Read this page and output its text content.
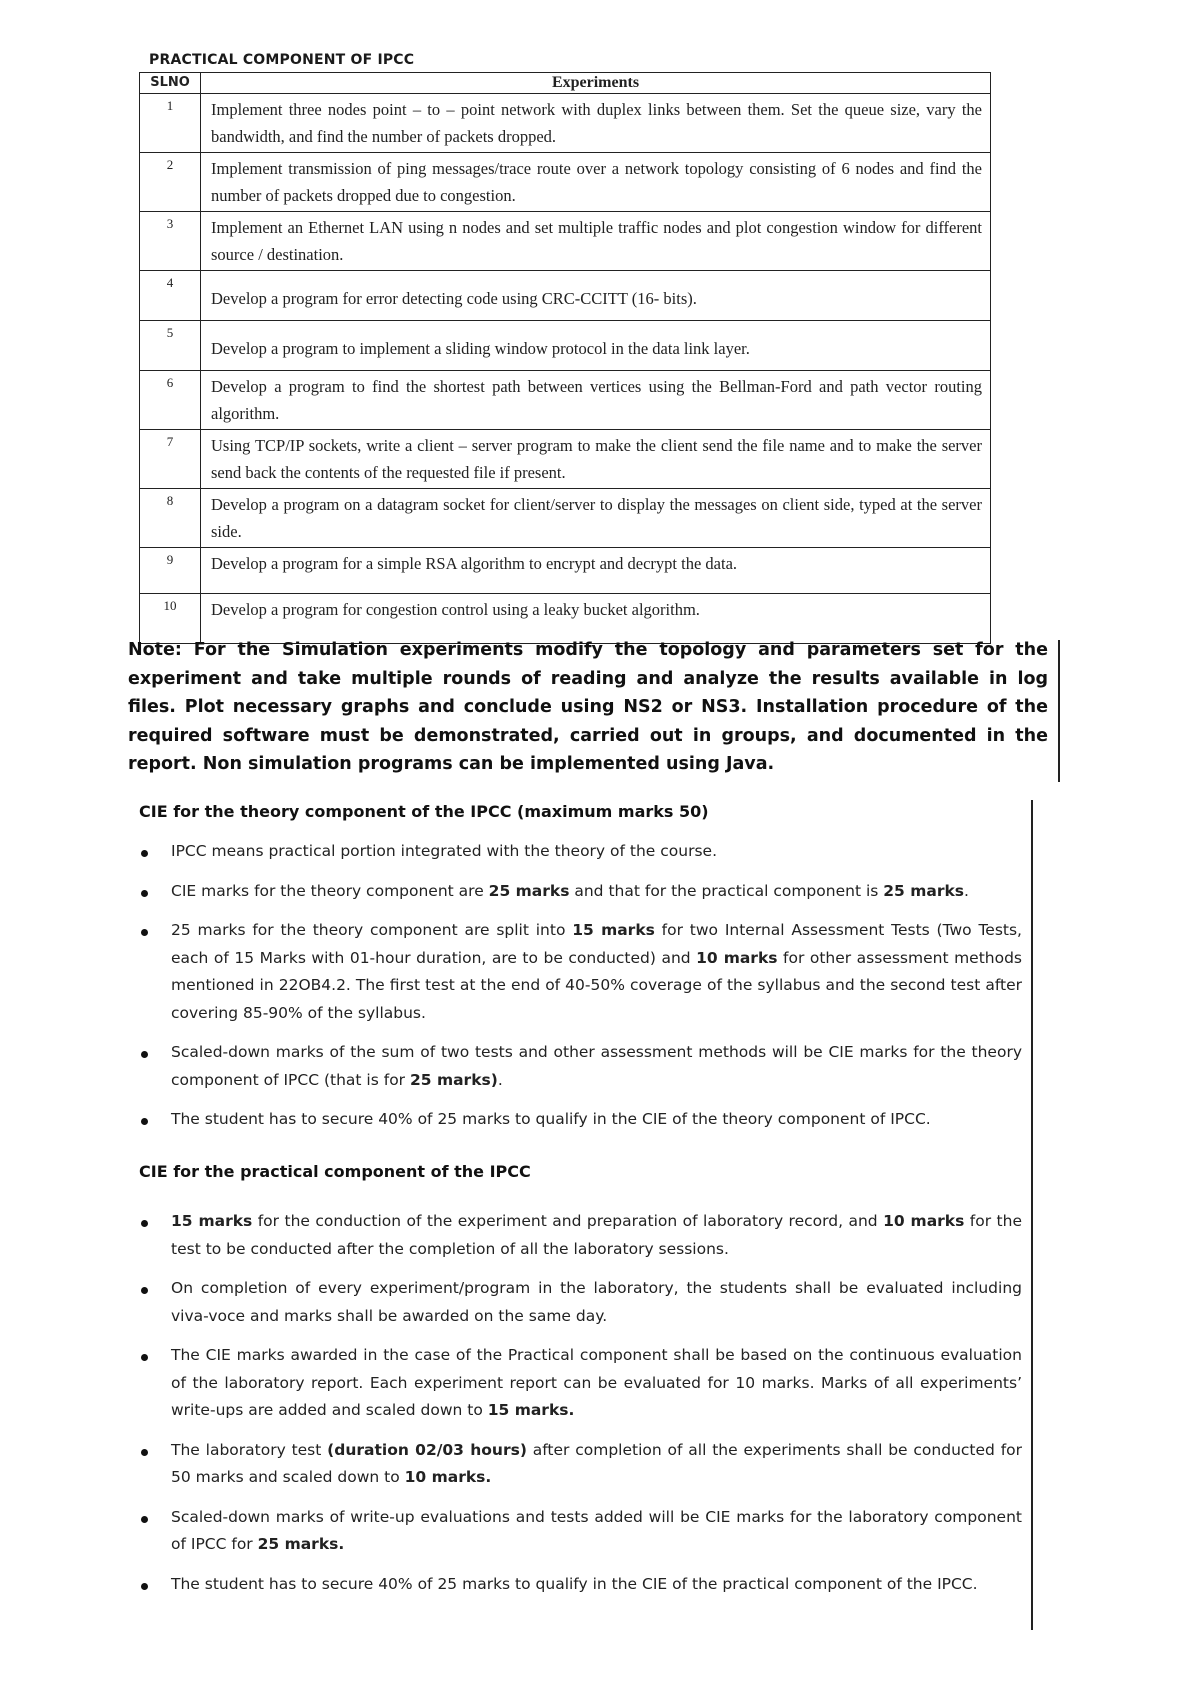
PRACTICAL COMPONENT OF IPCC
SLNO	Experiments
1	Implement three nodes point – to – point network with duplex links between them. Set the queue size, vary the bandwidth, and find the number of packets dropped.
2	Implement transmission of ping messages/trace route over a network topology consisting of 6 nodes and find the number of packets dropped due to congestion.
3	Implement an Ethernet LAN using n nodes and set multiple traffic nodes and plot congestion window for different source / destination.
4	Develop a program for error detecting code using CRC-CCITT (16- bits).
5	Develop a program to implement a sliding window protocol in the data link layer.
6	Develop a program to find the shortest path between vertices using the Bellman-Ford and path vector routing algorithm.
7	Using TCP/IP sockets, write a client – server program to make the client send the file name and to make the server send back the contents of the requested file if present.
8	Develop a program on a datagram socket for client/server to display the messages on client side, typed at the server side.
9	Develop a program for a simple RSA algorithm to encrypt and decrypt the data.
10	Develop a program for congestion control using a leaky bucket algorithm.
Note: For the Simulation experiments modify the topology and parameters set for the experiment and take multiple rounds of reading and analyze the results available in log files. Plot necessary graphs and conclude using NS2 or NS3. Installation procedure of the required software must be demonstrated, carried out in groups, and documented in the report. Non simulation programs can be implemented using Java.
CIE for the theory component of the IPCC (maximum marks 50)
IPCC means practical portion integrated with the theory of the course.
CIE marks for the theory component are 25 marks and that for the practical component is 25 marks.
25 marks for the theory component are split into 15 marks for two Internal Assessment Tests (Two Tests, each of 15 Marks with 01-hour duration, are to be conducted) and 10 marks for other assessment methods mentioned in 22OB4.2. The first test at the end of 40-50% coverage of the syllabus and the second test after covering 85-90% of the syllabus.
Scaled-down marks of the sum of two tests and other assessment methods will be CIE marks for the theory component of IPCC (that is for 25 marks).
The student has to secure 40% of 25 marks to qualify in the CIE of the theory component of IPCC.
CIE for the practical component of the IPCC
15 marks for the conduction of the experiment and preparation of laboratory record, and 10 marks for the test to be conducted after the completion of all the laboratory sessions.
On completion of every experiment/program in the laboratory, the students shall be evaluated including viva-voce and marks shall be awarded on the same day.
The CIE marks awarded in the case of the Practical component shall be based on the continuous evaluation of the laboratory report. Each experiment report can be evaluated for 10 marks. Marks of all experiments’ write-ups are added and scaled down to 15 marks.
The laboratory test (duration 02/03 hours) after completion of all the experiments shall be conducted for 50 marks and scaled down to 10 marks.
Scaled-down marks of write-up evaluations and tests added will be CIE marks for the laboratory component of IPCC for 25 marks.
The student has to secure 40% of 25 marks to qualify in the CIE of the practical component of the IPCC.
